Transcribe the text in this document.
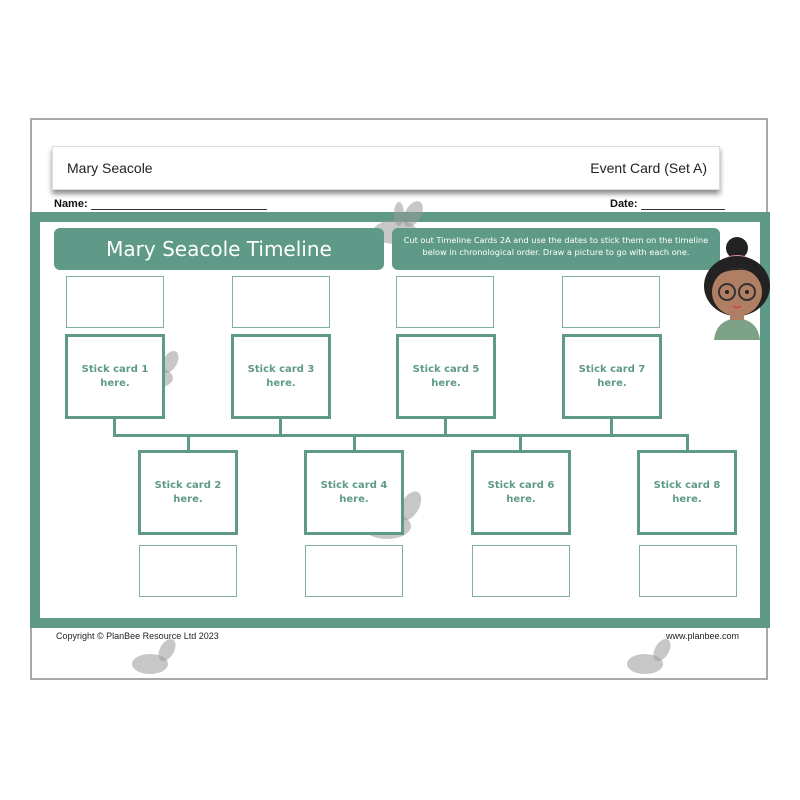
Mary Seacole	Event Card (Set A)
Name:	Date:
Mary Seacole Timeline	Cut out Timeline Cards 2A and use the dates to stick them on the timeline below in chronological order. Draw a picture to go with each one.
Stick card 1 here.
Stick card 3 here.
Stick card 5 here.
Stick card 7 here.
Stick card 2 here.
Stick card 4 here.
Stick card 6 here.
Stick card 8 here.
Copyright © PlanBee Resource Ltd 2023	www.planbee.com
